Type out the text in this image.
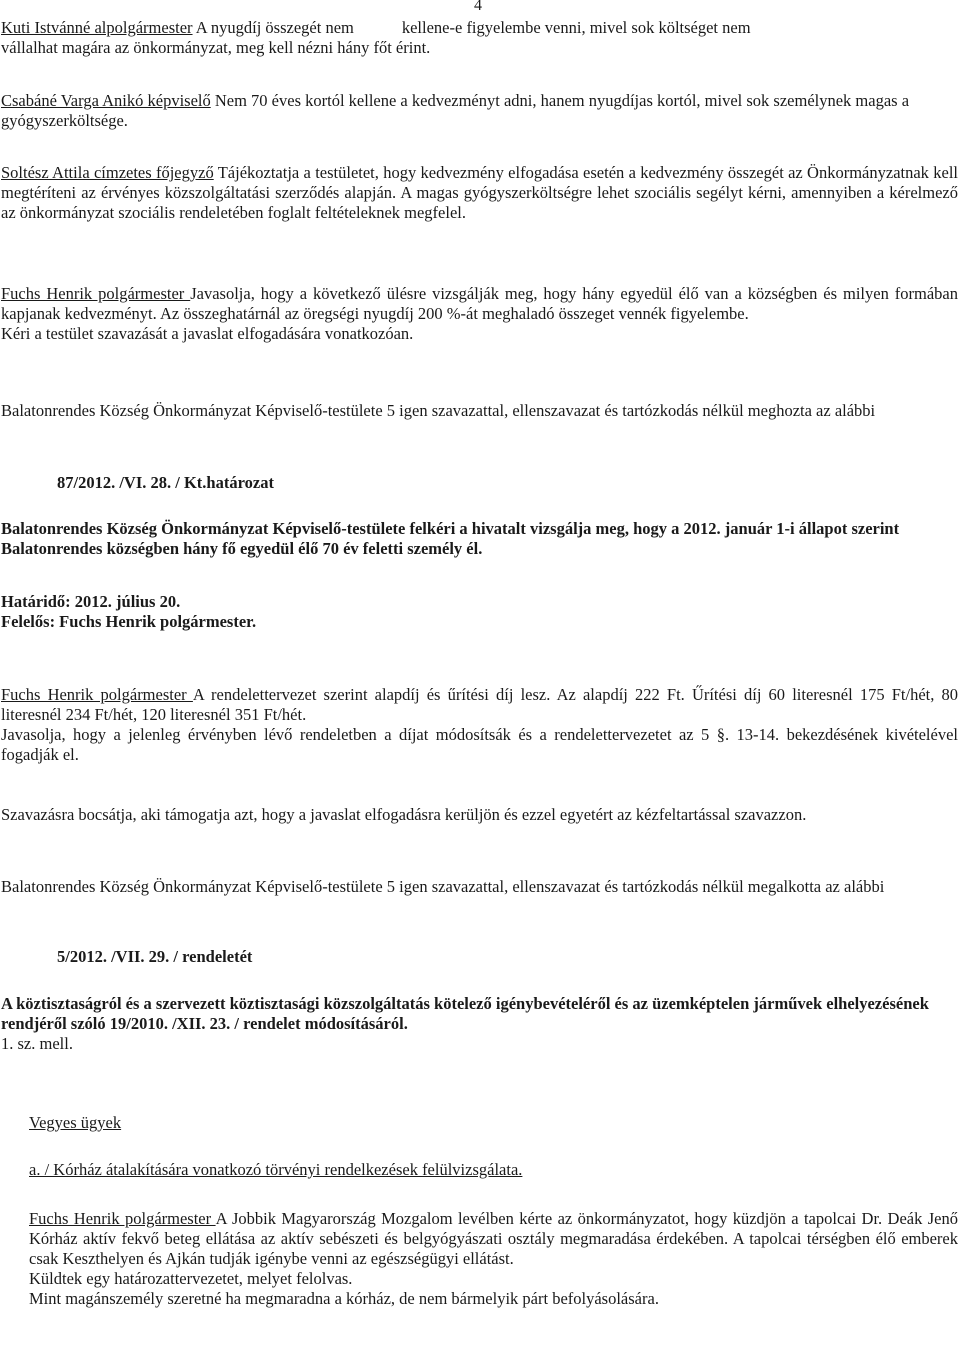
4

Kuti Istvánné alpolgármester A nyugdíj összegét nem	kellene-e figyelembe venni, mivel sok költséget nem
vállalhat magára az önkormányzat, meg kell nézni hány főt érint.

Csabáné Varga Anikó képviselő Nem 70 éves kortól kellene a kedvezményt adni, hanem nyugdíjas kortól, mivel sok személynek magas a gyógyszerköltsége.

Soltész Attila címzetes főjegyző Tájékoztatja a testületet, hogy kedvezmény elfogadása esetén a kedvezmény összegét az Önkormányzatnak kell megtéríteni az érvényes közszolgáltatási szerződés alapján. A magas gyógyszerköltségre lehet szociális segélyt kérni, amennyiben a kérelmező az önkormányzat szociális rendeletében foglalt feltételeknek megfelel.

Fuchs Henrik polgármester Javasolja, hogy a következő ülésre vizsgálják meg, hogy hány egyedül élő van a községben és milyen formában kapjanak kedvezményt. Az összeghatárnál az öregségi nyugdíj 200 %-át meghaladó összeget vennék figyelembe.
Kéri a testület szavazását a javaslat elfogadására vonatkozóan.

Balatonrendes Község Önkormányzat Képviselő-testülete 5 igen szavazattal, ellenszavazat és tartózkodás nélkül meghozta az alábbi

87/2012. /VI. 28. / Kt.határozat

Balatonrendes Község Önkormányzat Képviselő-testülete felkéri a hivatalt vizsgálja meg, hogy a 2012. január 1-i állapot szerint Balatonrendes községben hány fő egyedül élő 70 év feletti személy él.

Határidő: 2012. július 20.
Felelős: Fuchs Henrik polgármester.

Fuchs Henrik polgármester A rendelettervezet szerint alapdíj és űrítési díj lesz. Az alapdíj 222 Ft. Űrítési díj 60 literesnél 175 Ft/hét, 80 literesnél 234 Ft/hét, 120 literesnél 351 Ft/hét.
Javasolja, hogy a jelenleg érvényben lévő rendeletben a díjat módosítsák és a rendelettervezetet az 5 §. 13-14. bekezdésének kivételével fogadják el.

Szavazásra bocsátja, aki támogatja azt, hogy a javaslat elfogadásra kerüljön és ezzel egyetért az kézfeltartással szavazzon.

Balatonrendes Község Önkormányzat Képviselő-testülete 5 igen szavazattal, ellenszavazat és tartózkodás nélkül megalkotta az alábbi

5/2012. /VII. 29. / rendeletét

A köztisztaságról és a szervezett köztisztasági közszolgáltatás kötelező igénybevételéről és az üzemképtelen járművek elhelyezésének rendjéről szóló 19/2010. /XII. 23. / rendelet módosításáról.
1. sz. mell.

Vegyes ügyek

a. / Kórház átalakítására vonatkozó törvényi rendelkezések felülvizsgálata.

Fuchs Henrik polgármester A Jobbik Magyarország Mozgalom levélben kérte az önkormányzatot, hogy küzdjön a tapolcai Dr. Deák Jenő Kórház aktív fekvő beteg ellátása az aktív sebészeti és belgyógyászati osztály megmaradása érdekében. A tapolcai térségben élő emberek csak Keszthelyen és Ajkán tudják igénybe venni az egészségügyi ellátást.
Küldtek egy határozattervezetet, melyet felolvas.
Mint magánszemély szeretné ha megmaradna a kórház, de nem bármelyik párt befolyásolására.
